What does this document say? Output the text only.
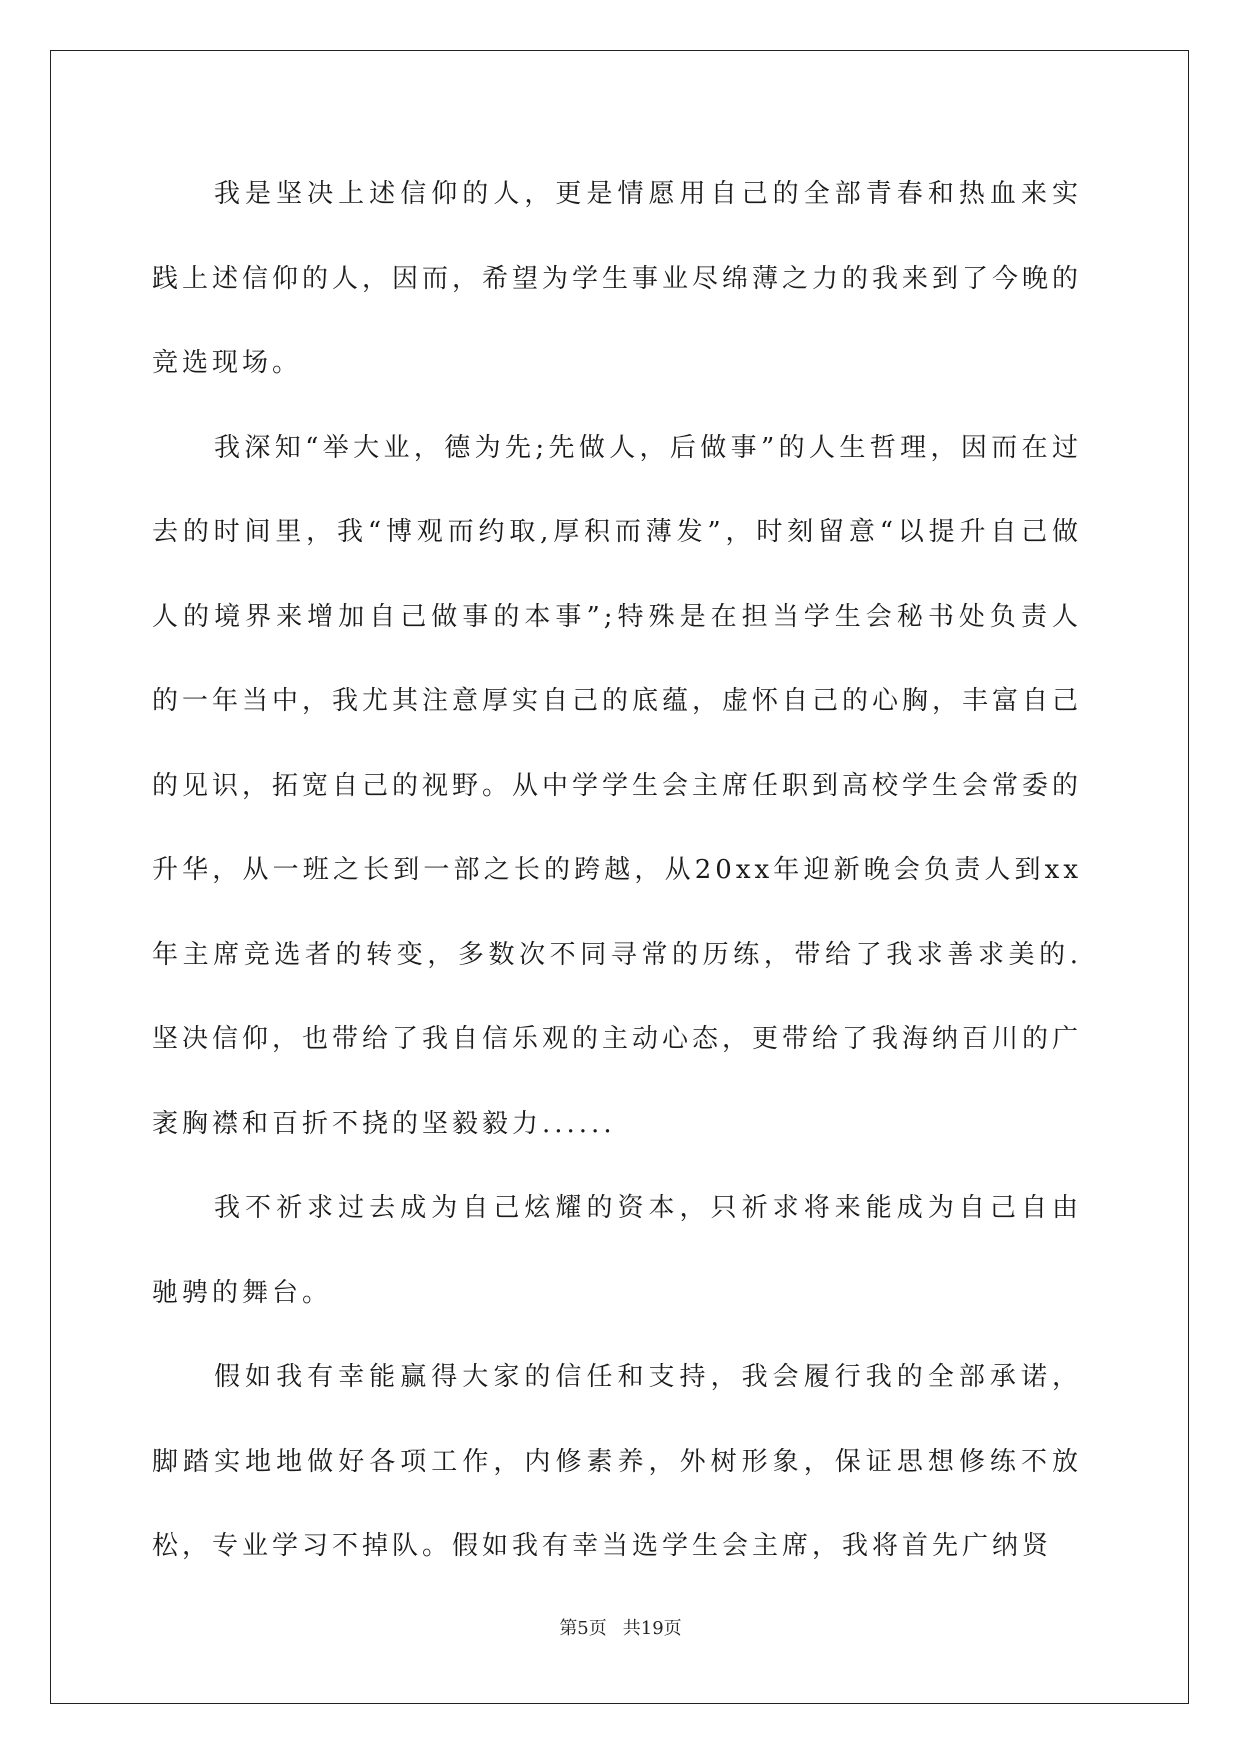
我是坚决上述信仰的人，更是情愿用自己的全部青春和热血来实践上述信仰的人，因而，希望为学生事业尽绵薄之力的我来到了今晚的竞选现场。

我深知“举大业，德为先;先做人，后做事”的人生哲理，因而在过去的时间里，我“博观而约取,厚积而薄发”，时刻留意“以提升自己做人的境界来增加自己做事的本事”;特殊是在担当学生会秘书处负责人的一年当中，我尤其注意厚实自己的底蕴，虚怀自己的心胸，丰富自己的见识，拓宽自己的视野。从中学学生会主席任职到高校学生会常委的升华，从一班之长到一部之长的跨越，从20xx年迎新晚会负责人到xx年主席竞选者的转变，多数次不同寻常的历练，带给了我求善求美的.坚决信仰，也带给了我自信乐观的主动心态，更带给了我海纳百川的广袤胸襟和百折不挠的坚毅毅力......

我不祈求过去成为自己炫耀的资本，只祈求将来能成为自己自由驰骋的舞台。

假如我有幸能赢得大家的信任和支持，我会履行我的全部承诺，脚踏实地地做好各项工作，内修素养，外树形象，保证思想修练不放松，专业学习不掉队。假如我有幸当选学生会主席，我将首先广纳贤

第5页 共19页
